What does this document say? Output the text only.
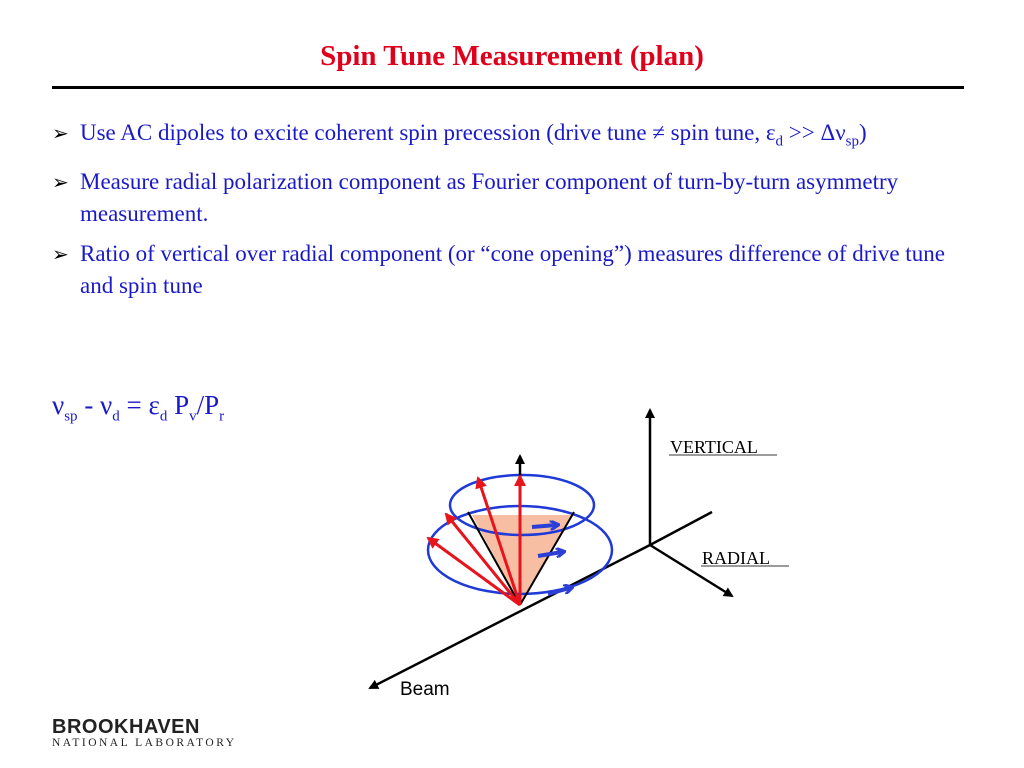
Spin Tune Measurement (plan)
➢ Use AC dipoles to excite coherent spin precession (drive tune ≠ spin tune, $\varepsilon_d >> \Delta\nu_{sp}$)
➢ Measure radial polarization component as Fourier component of turn-by-turn asymmetry measurement.
➢ Ratio of vertical over radial component (or “cone opening”) measures difference of drive tune and spin tune
$\nu_{sp} - \nu_d = \varepsilon_d$ $P_v/P_r$
VERTICAL
RADIAL
Beam
BROOKHAVEN
NATIONAL LABORATORY
